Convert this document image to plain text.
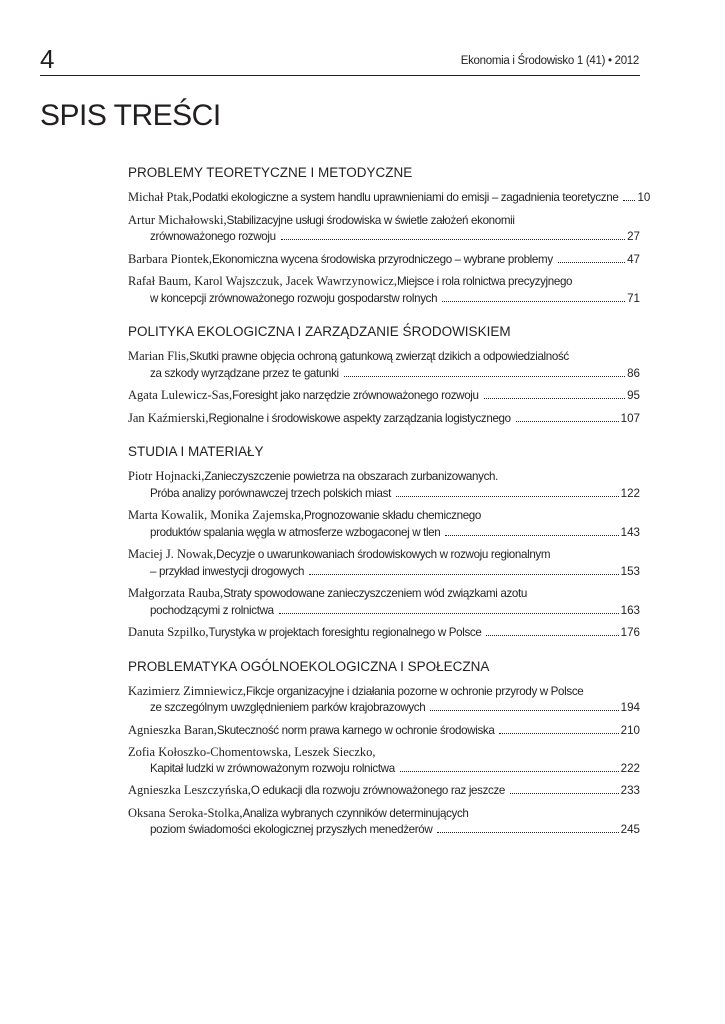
4	Ekonomia i Środowisko 1 (41) • 2012
SPIS TREŚCI
PROBLEMY TEORETYCZNE I METODYCZNE
Michał Ptak, Podatki ekologiczne a system handlu uprawnieniami do emisji – zagadnienia teoretyczne 10
Artur Michałowski, Stabilizacyjne usługi środowiska w świetle założeń ekonomii
zrównoważonego rozwoju	27
Barbara Piontek, Ekonomiczna wycena środowiska przyrodniczego – wybrane problemy	47
Rafał Baum, Karol Wajszczuk, Jacek Wawrzynowicz, Miejsce i rola rolnictwa precyzyjnego
w koncepcji zrównoważonego rozwoju gospodarstw rolnych	71
POLITYKA EKOLOGICZNA I ZARZĄDZANIE ŚRODOWISKIEM
Marian Flis, Skutki prawne objęcia ochroną gatunkową zwierząt dzikich a odpowiedzialność
za szkody wyrządzane przez te gatunki	86
Agata Lulewicz-Sas, Foresight jako narzędzie zrównoważonego rozwoju	95
Jan Kaźmierski, Regionalne i środowiskowe aspekty zarządzania logistycznego	107
STUDIA I MATERIAŁY
Piotr Hojnacki, Zanieczyszczenie powietrza na obszarach zurbanizowanych.
Próba analizy porównawczej trzech polskich miast	122
Marta Kowalik, Monika Zajemska, Prognozowanie składu chemicznego
produktów spalania węgla w atmosferze wzbogaconej w tlen	143
Maciej J. Nowak, Decyzje o uwarunkowaniach środowiskowych w rozwoju regionalnym
– przykład inwestycji drogowych	153
Małgorzata Rauba, Straty spowodowane zanieczyszczeniem wód związkami azotu
pochodzącymi z rolnictwa	163
Danuta Szpilko, Turystyka w projektach foresightu regionalnego w Polsce	176
PROBLEMATYKA OGÓLNOEKOLOGICZNA I SPOŁECZNA
Kazimierz Zimniewicz, Fikcje organizacyjne i działania pozorne w ochronie przyrody w Polsce
ze szczególnym uwzględnieniem parków krajobrazowych	194
Agnieszka Baran, Skuteczność norm prawa karnego w ochronie środowiska	210
Zofia Kołoszko-Chomentowska, Leszek Sieczko,
Kapitał ludzki w zrównoważonym rozwoju rolnictwa	222
Agnieszka Leszczyńska, O edukacji dla rozwoju zrównoważonego raz jeszcze	233
Oksana Seroka-Stolka, Analiza wybranych czynników determinujących
poziom świadomości ekologicznej przyszłych menedżerów	245
